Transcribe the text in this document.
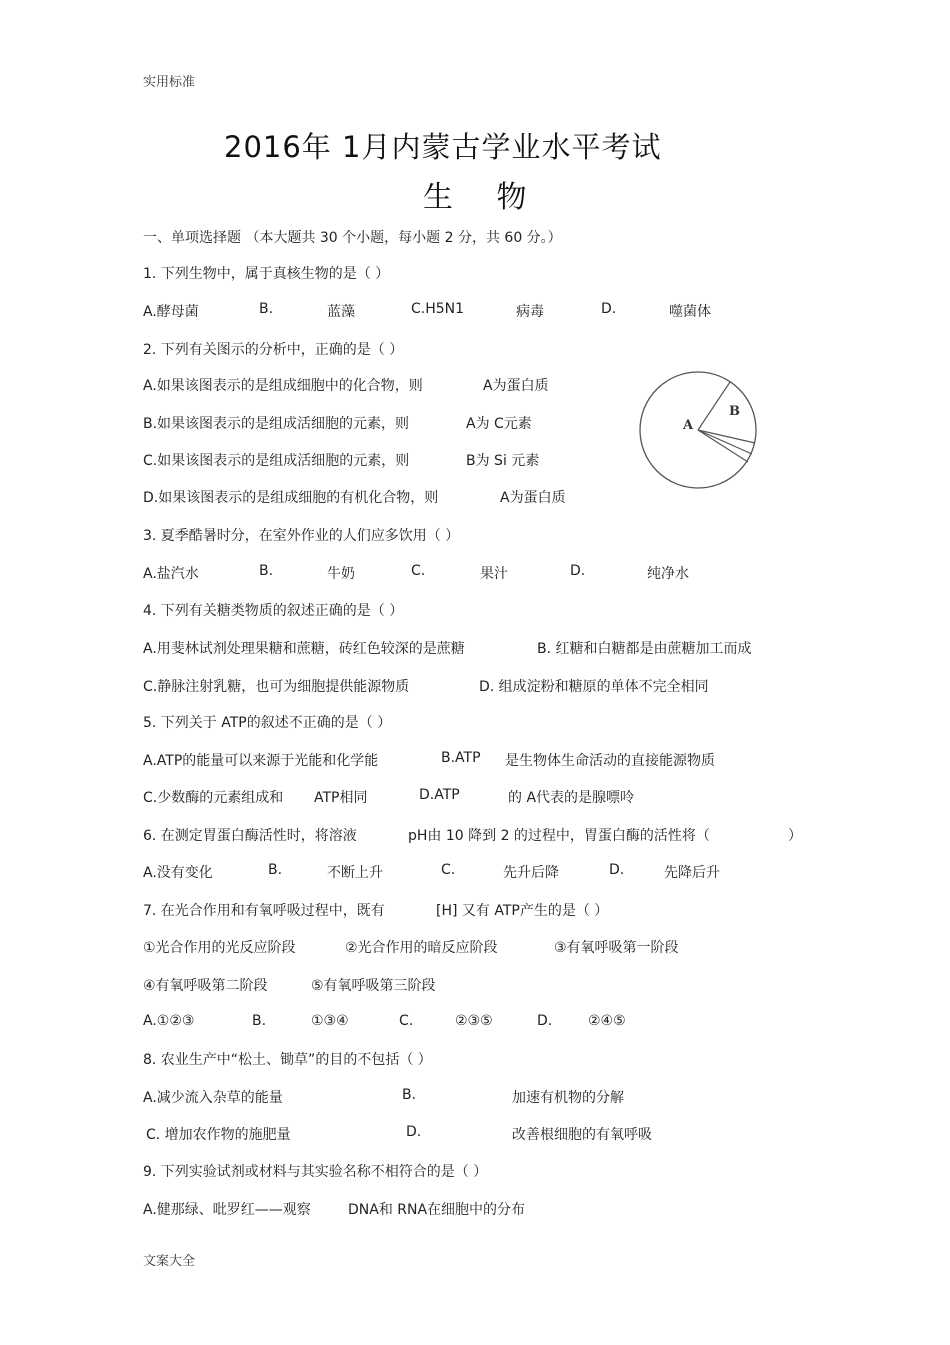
实用标准
2016年 1月内蒙古学业水平考试
生 物
一、单项选择题 （本大题共 30 个小题，每小题 2 分，共 60 分。）
1. 下列生物中，属于真核生物的是（ ）
A.酵母菌	B.	蓝藻	C.H5N1	病毒	D.	噬菌体
2. 下列有关图示的分析中，正确的是（ ）
A.如果该图表示的是组成细胞中的化合物，则	A为蛋白质
B.如果该图表示的是组成活细胞的元素，则	A为 C元素
C.如果该图表示的是组成活细胞的元素，则	B为 Si 元素
D.如果该图表示的是组成细胞的有机化合物，则	A为蛋白质
A
B
3. 夏季酷暑时分，在室外作业的人们应多饮用（ ）
A.盐汽水	B.	牛奶	C.	果汁	D.	纯净水
4. 下列有关糖类物质的叙述正确的是（ ）
A.用斐林试剂处理果糖和蔗糖，砖红色较深的是蔗糖	B. 红糖和白糖都是由蔗糖加工而成
C.静脉注射乳糖，也可为细胞提供能源物质	D. 组成淀粉和糖原的单体不完全相同
5. 下列关于 ATP的叙述不正确的是（ ）
A.ATP的能量可以来源于光能和化学能	B.ATP 是生物体生命活动的直接能源物质
C.少数酶的元素组成和 ATP相同	D.ATP	的 A代表的是腺嘌呤
6. 在测定胃蛋白酶活性时，将溶液	pH由 10 降到 2 的过程中，胃蛋白酶的活性将（	）
A.没有变化	B.	不断上升	C.	先升后降	D.	先降后升
7. 在光合作用和有氧呼吸过程中，既有	[H] 又有 ATP产生的是（ ）
①光合作用的光反应阶段	②光合作用的暗反应阶段	③有氧呼吸第一阶段
④有氧呼吸第二阶段	⑤有氧呼吸第三阶段
A.①②③	B.	①③④	C.	②③⑤	D.	②④⑤
8. 农业生产中“松土、锄草”的目的不包括（ ）
A.减少流入杂草的能量	B.	加速有机物的分解
C. 增加农作物的施肥量	D.	改善根细胞的有氧呼吸
9. 下列实验试剂或材料与其实验名称不相符合的是（ ）
A.健那绿、吡罗红——观察	DNA和 RNA在细胞中的分布
文案大全
